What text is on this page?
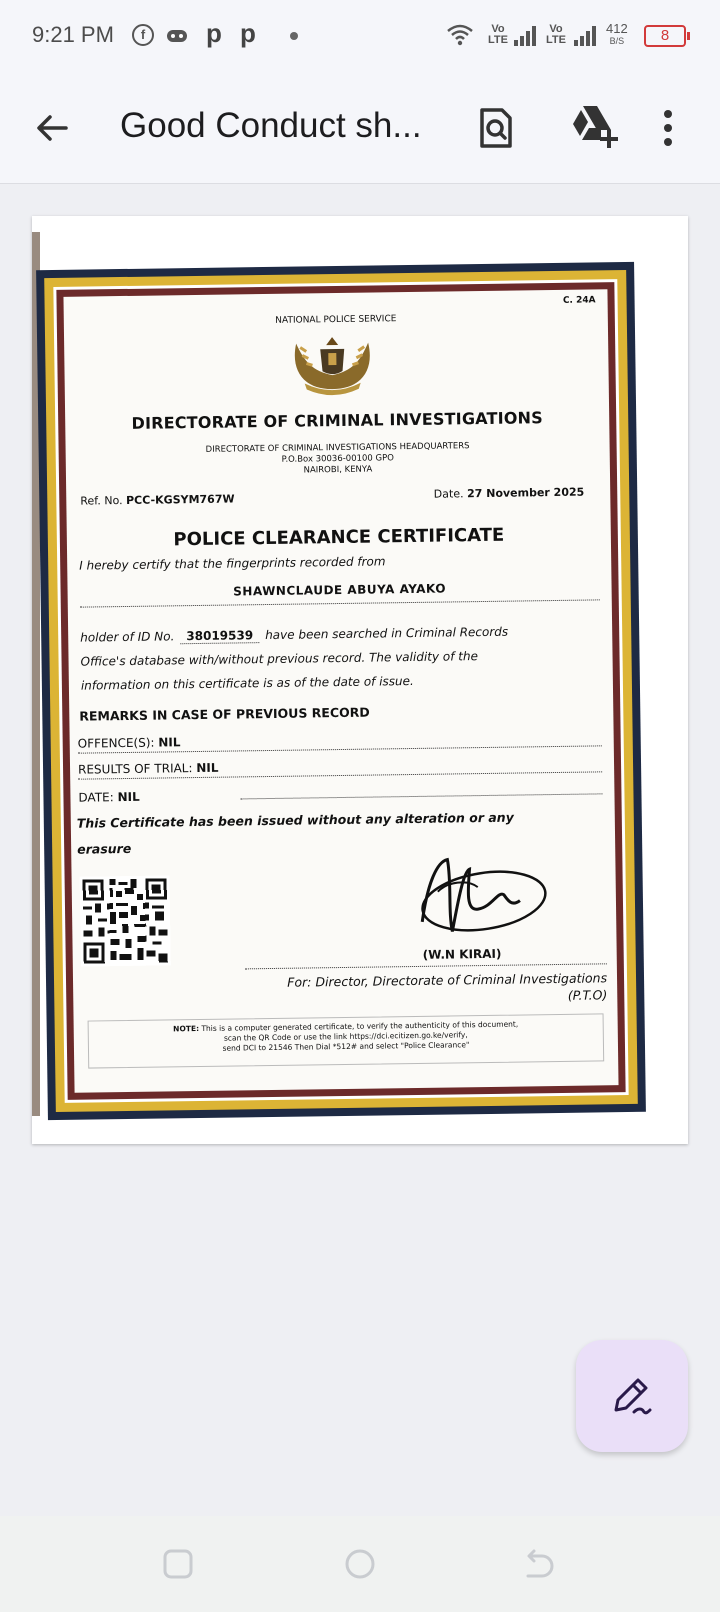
9:21 PM	f	p p	Vo
LTE
Vo
LTE
412
B/S	8
Good Conduct sh...
C. 24A
NATIONAL POLICE SERVICE
DIRECTORATE OF CRIMINAL INVESTIGATIONS
DIRECTORATE OF CRIMINAL INVESTIGATIONS HEADQUARTERS
P.O.Box 30036-00100 GPO
NAIROBI, KENYA
Ref. No. PCC-KGSYM767W	Date. 27 November 2025
POLICE CLEARANCE CERTIFICATE
I hereby certify that the fingerprints recorded from
SHAWNCLAUDE ABUYA AYAKO
holder of ID No. 38019539 have been searched in Criminal Records
Office's database with/without previous record. The validity of the
information on this certificate is as of the date of issue.
REMARKS IN CASE OF PREVIOUS RECORD
OFFENCE(S): NIL
RESULTS OF TRIAL: NIL
DATE: NIL
This Certificate has been issued without any alteration or any erasure
(W.N KIRAI)
For: Director, Directorate of Criminal Investigations
(P.T.O)
NOTE: This is a computer generated certificate, to verify the authenticity of this document,
scan the QR Code or use the link https://dci.ecitizen.go.ke/verify,
send DCI to 21546 Then Dial *512# and select "Police Clearance"
